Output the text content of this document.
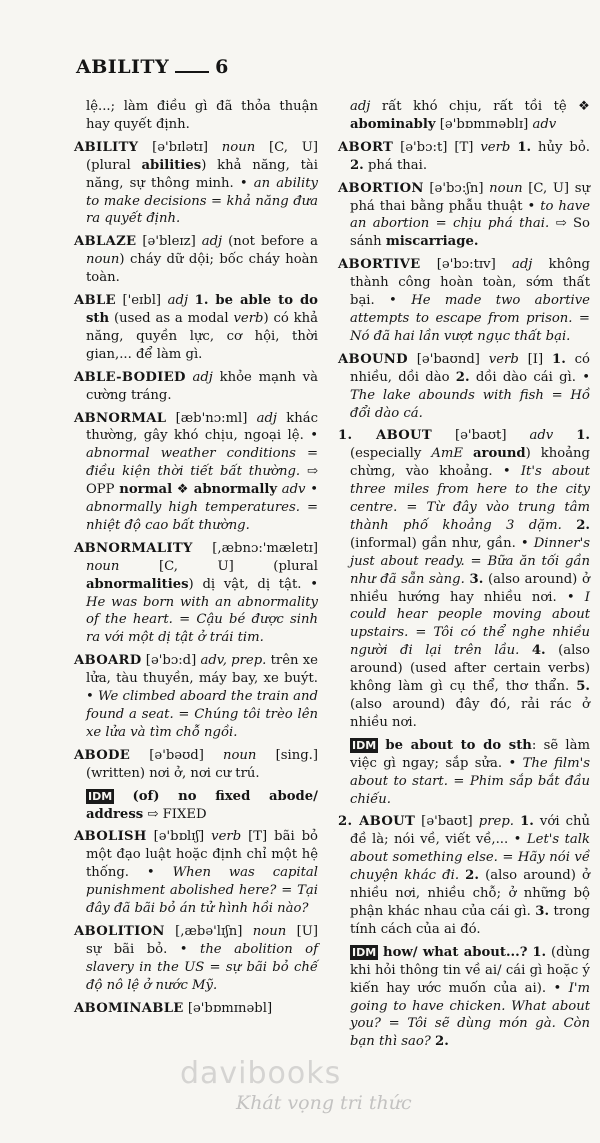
ABILITY 6

lệ...; làm điều gì đã thỏa thuận hay quyết định.

ABILITY [ə'bɪlətɪ] noun [C, U] (plural abilities) khả năng, tài năng, sự thông minh. • an ability to make decisions = khả năng đưa ra quyết định.

ABLAZE [ə'bleɪz] adj (not before a noun) cháy dữ dội; bốc cháy hoàn toàn.

ABLE ['eɪbl] adj 1. be able to do sth (used as a modal verb) có khả năng, quyền lực, cơ hội, thời gian,... để làm gì.

ABLE-BODIED adj khỏe mạnh và cường tráng.

ABNORMAL [æb'nɔ:ml] adj khác thường, gây khó chịu, ngoại lệ. • abnormal weather conditions = điều kiện thời tiết bất thường. ⇨ OPP normal ❖ abnormally adv • abnormally high temperatures. = nhiệt độ cao bất thường.

ABNORMALITY [,æbnɔ:'mæletɪ] noun [C, U] (plural abnormalities) dị vật, dị tật. • He was born with an abnormality of the heart. = Cậu bé được sinh ra với một dị tật ở trái tim.

ABOARD [ə'bɔ:d] adv, prep. trên xe lửa, tàu thuyền, máy bay, xe buýt. • We climbed aboard the train and found a seat. = Chúng tôi trèo lên xe lửa và tìm chỗ ngồi.

ABODE [ə'bəʊd] noun [sing.] (written) nơi ở, nơi cư trú.

IDM (of) no fixed abode/ address ⇨ FIXED

ABOLISH [ə'bɒlɪʃ] verb [T] bãi bỏ một đạo luật hoặc định chỉ một hệ thống. • When was capital punishment abolished here? = Tại đây đã bãi bỏ án tử hình hồi nào?

ABOLITION [,æbə'lɪʃn] noun [U] sự bãi bỏ. • the abolition of slavery in the US = sự bãi bỏ chế độ nô lệ ở nước Mỹ.

ABOMINABLE [ə'bɒmɪnəbl]

adj rất khó chịu, rất tồi tệ ❖ abominably [ə'bɒmɪnəblɪ] adv

ABORT [ə'bɔ:t] [T] verb 1. hủy bỏ. 2. phá thai.

ABORTION [ə'bɔ:ʃn] noun [C, U] sự phá thai bằng phẫu thuật • to have an abortion = chịu phá thai. ⇨ So sánh miscarriage.

ABORTIVE [ə'bɔ:tɪv] adj không thành công hoàn toàn, sớm thất bại. • He made two abortive attempts to escape from prison. = Nó đã hai lần vượt ngục thất bại.

ABOUND [ə'baʊnd] verb [I] 1. có nhiều, dồi dào 2. dồi dào cái gì. • The lake abounds with fish = Hồ đổi dào cá.

1. ABOUT [ə'baʊt] adv 1. (especially AmE around) khoảng chừng, vào khoảng. • It's about three miles from here to the city centre. = Từ đây vào trung tâm thành phố khoảng 3 dặm. 2. (informal) gần như, gần. • Dinner's just about ready. = Bữa ăn tối gần như đã sẵn sàng. 3. (also around) ở nhiều hướng hay nhiều nơi. • I could hear people moving about upstairs. = Tôi có thể nghe nhiều người đi lại trên lầu. 4. (also around) (used after certain verbs) không làm gì cụ thể, thơ thẩn. 5. (also around) đây đó, rải rác ở nhiều nơi.

IDM be about to do sth: sẽ làm việc gì ngay; sắp sửa. • The film's about to start. = Phim sắp bắt đầu chiếu.

2. ABOUT [ə'baʊt] prep. 1. với chủ đề là; nói về, viết về,... • Let's talk about something else. = Hãy nói về chuyện khác đi. 2. (also around) ở nhiều nơi, nhiều chỗ; ở những bộ phận khác nhau của cái gì. 3. trong tính cách của ai đó.

IDM how/ what about...? 1. (dùng khi hỏi thông tin về ai/ cái gì hoặc ý kiến hay ước muốn của ai). • I'm going to have chicken. What about you? = Tôi sẽ dùng món gà. Còn bạn thì sao? 2.

davibooks
Khát vọng tri thức
